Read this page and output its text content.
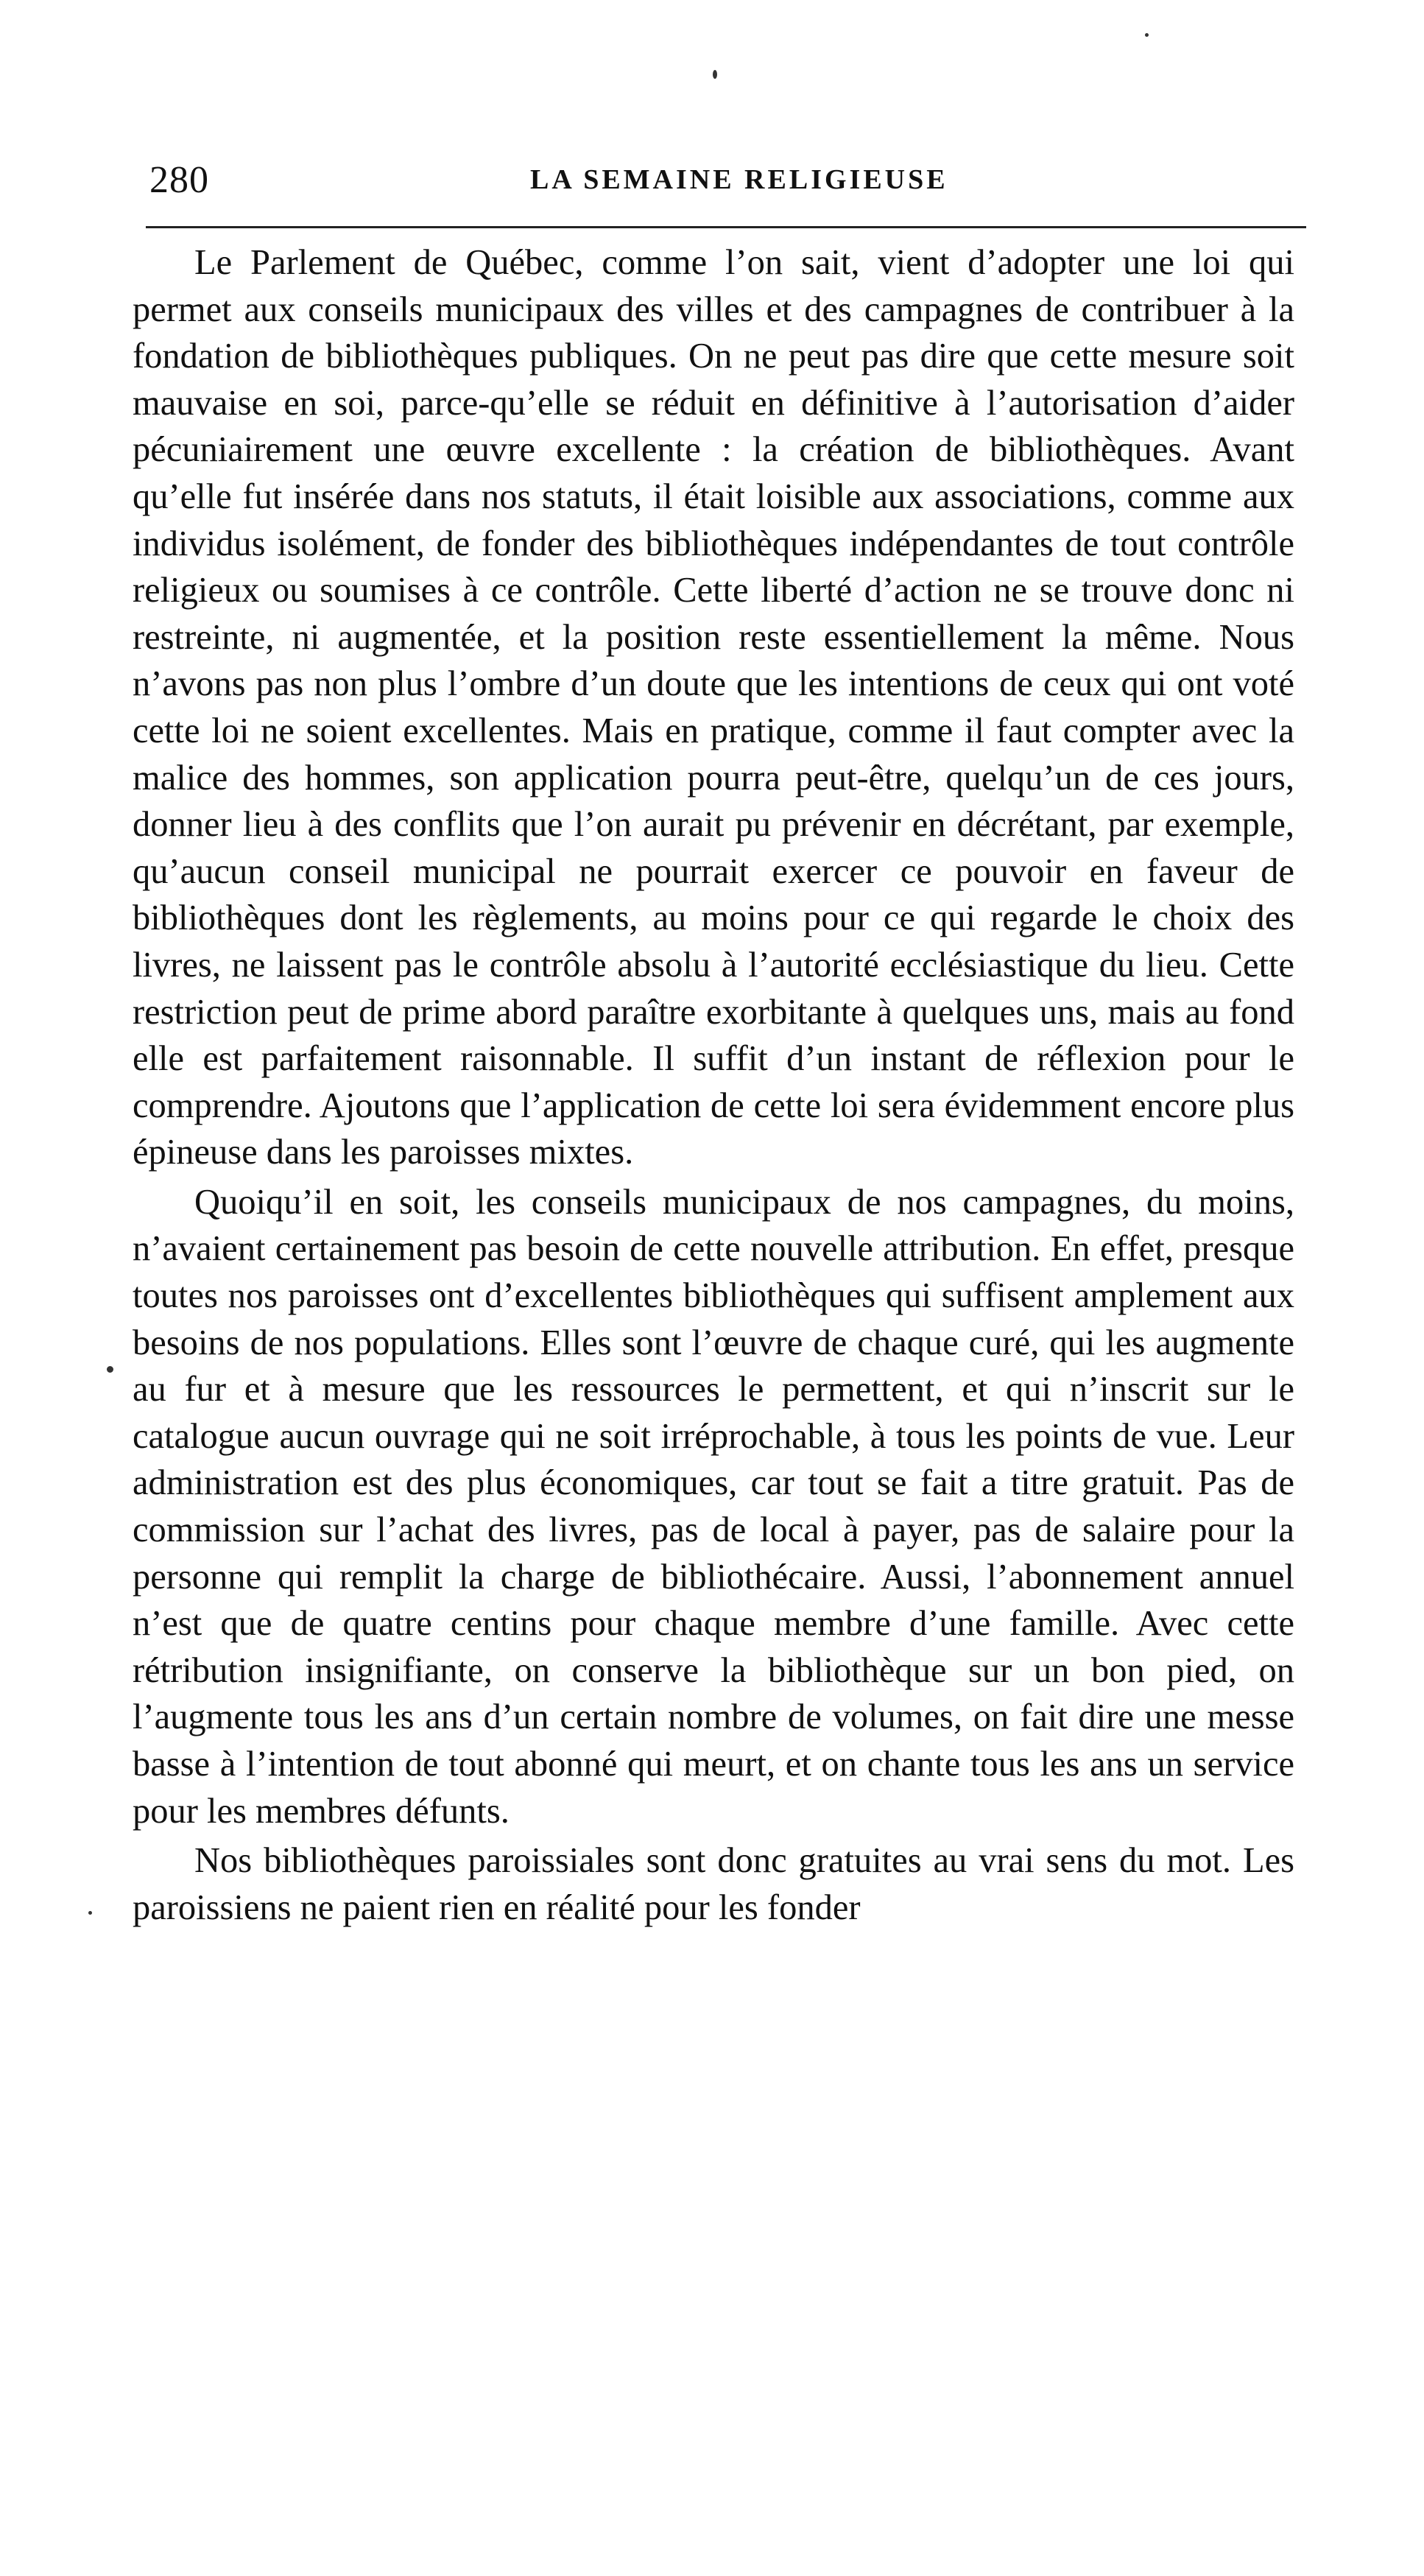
280	LA SEMAINE RELIGIEUSE

Le Parlement de Québec, comme l’on sait, vient d’adopter une loi qui permet aux conseils municipaux des villes et des campagnes de contribuer à la fondation de bibliothèques publiques. On ne peut pas dire que cette mesure soit mauvaise en soi, parce-qu’elle se réduit en définitive à l’autorisation d’aider pécuniairement une œuvre excellente : la création de bibliothèques. Avant qu’elle fut insérée dans nos statuts, il était loisible aux associations, comme aux individus isolément, de fonder des bibliothèques indépendantes de tout contrôle religieux ou soumises à ce contrôle. Cette liberté d’action ne se trouve donc ni restreinte, ni augmentée, et la position reste essentiellement la même. Nous n’avons pas non plus l’ombre d’un doute que les intentions de ceux qui ont voté cette loi ne soient excellentes. Mais en pratique, comme il faut compter avec la malice des hommes, son application pourra peut-être, quelqu’un de ces jours, donner lieu à des conflits que l’on aurait pu prévenir en décrétant, par exemple, qu’aucun conseil municipal ne pourrait exercer ce pouvoir en faveur de bibliothèques dont les règlements, au moins pour ce qui regarde le choix des livres, ne laissent pas le contrôle absolu à l’autorité ecclésiastique du lieu. Cette restriction peut de prime abord paraître exorbitante à quelques uns, mais au fond elle est parfaitement raisonnable. Il suffit d’un instant de réflexion pour le comprendre. Ajoutons que l’application de cette loi sera évidemment encore plus épineuse dans les paroisses mixtes.

Quoiqu’il en soit, les conseils municipaux de nos campagnes, du moins, n’avaient certainement pas besoin de cette nouvelle attribution. En effet, presque toutes nos paroisses ont d’excellentes bibliothèques qui suffisent amplement aux besoins de nos populations. Elles sont l’œuvre de chaque curé, qui les augmente au fur et à mesure que les ressources le permettent, et qui n’inscrit sur le catalogue aucun ouvrage qui ne soit irréprochable, à tous les points de vue. Leur administration est des plus économiques, car tout se fait a titre gratuit. Pas de commission sur l’achat des livres, pas de local à payer, pas de salaire pour la personne qui remplit la charge de bibliothécaire. Aussi, l’abonnement annuel n’est que de quatre centins pour chaque membre d’une famille. Avec cette rétribution insignifiante, on conserve la bibliothèque sur un bon pied, on l’augmente tous les ans d’un certain nombre de volumes, on fait dire une messe basse à l’intention de tout abonné qui meurt, et on chante tous les ans un service pour les membres défunts.

Nos bibliothèques paroissiales sont donc gratuites au vrai sens du mot. Les paroissiens ne paient rien en réalité pour les fonder
